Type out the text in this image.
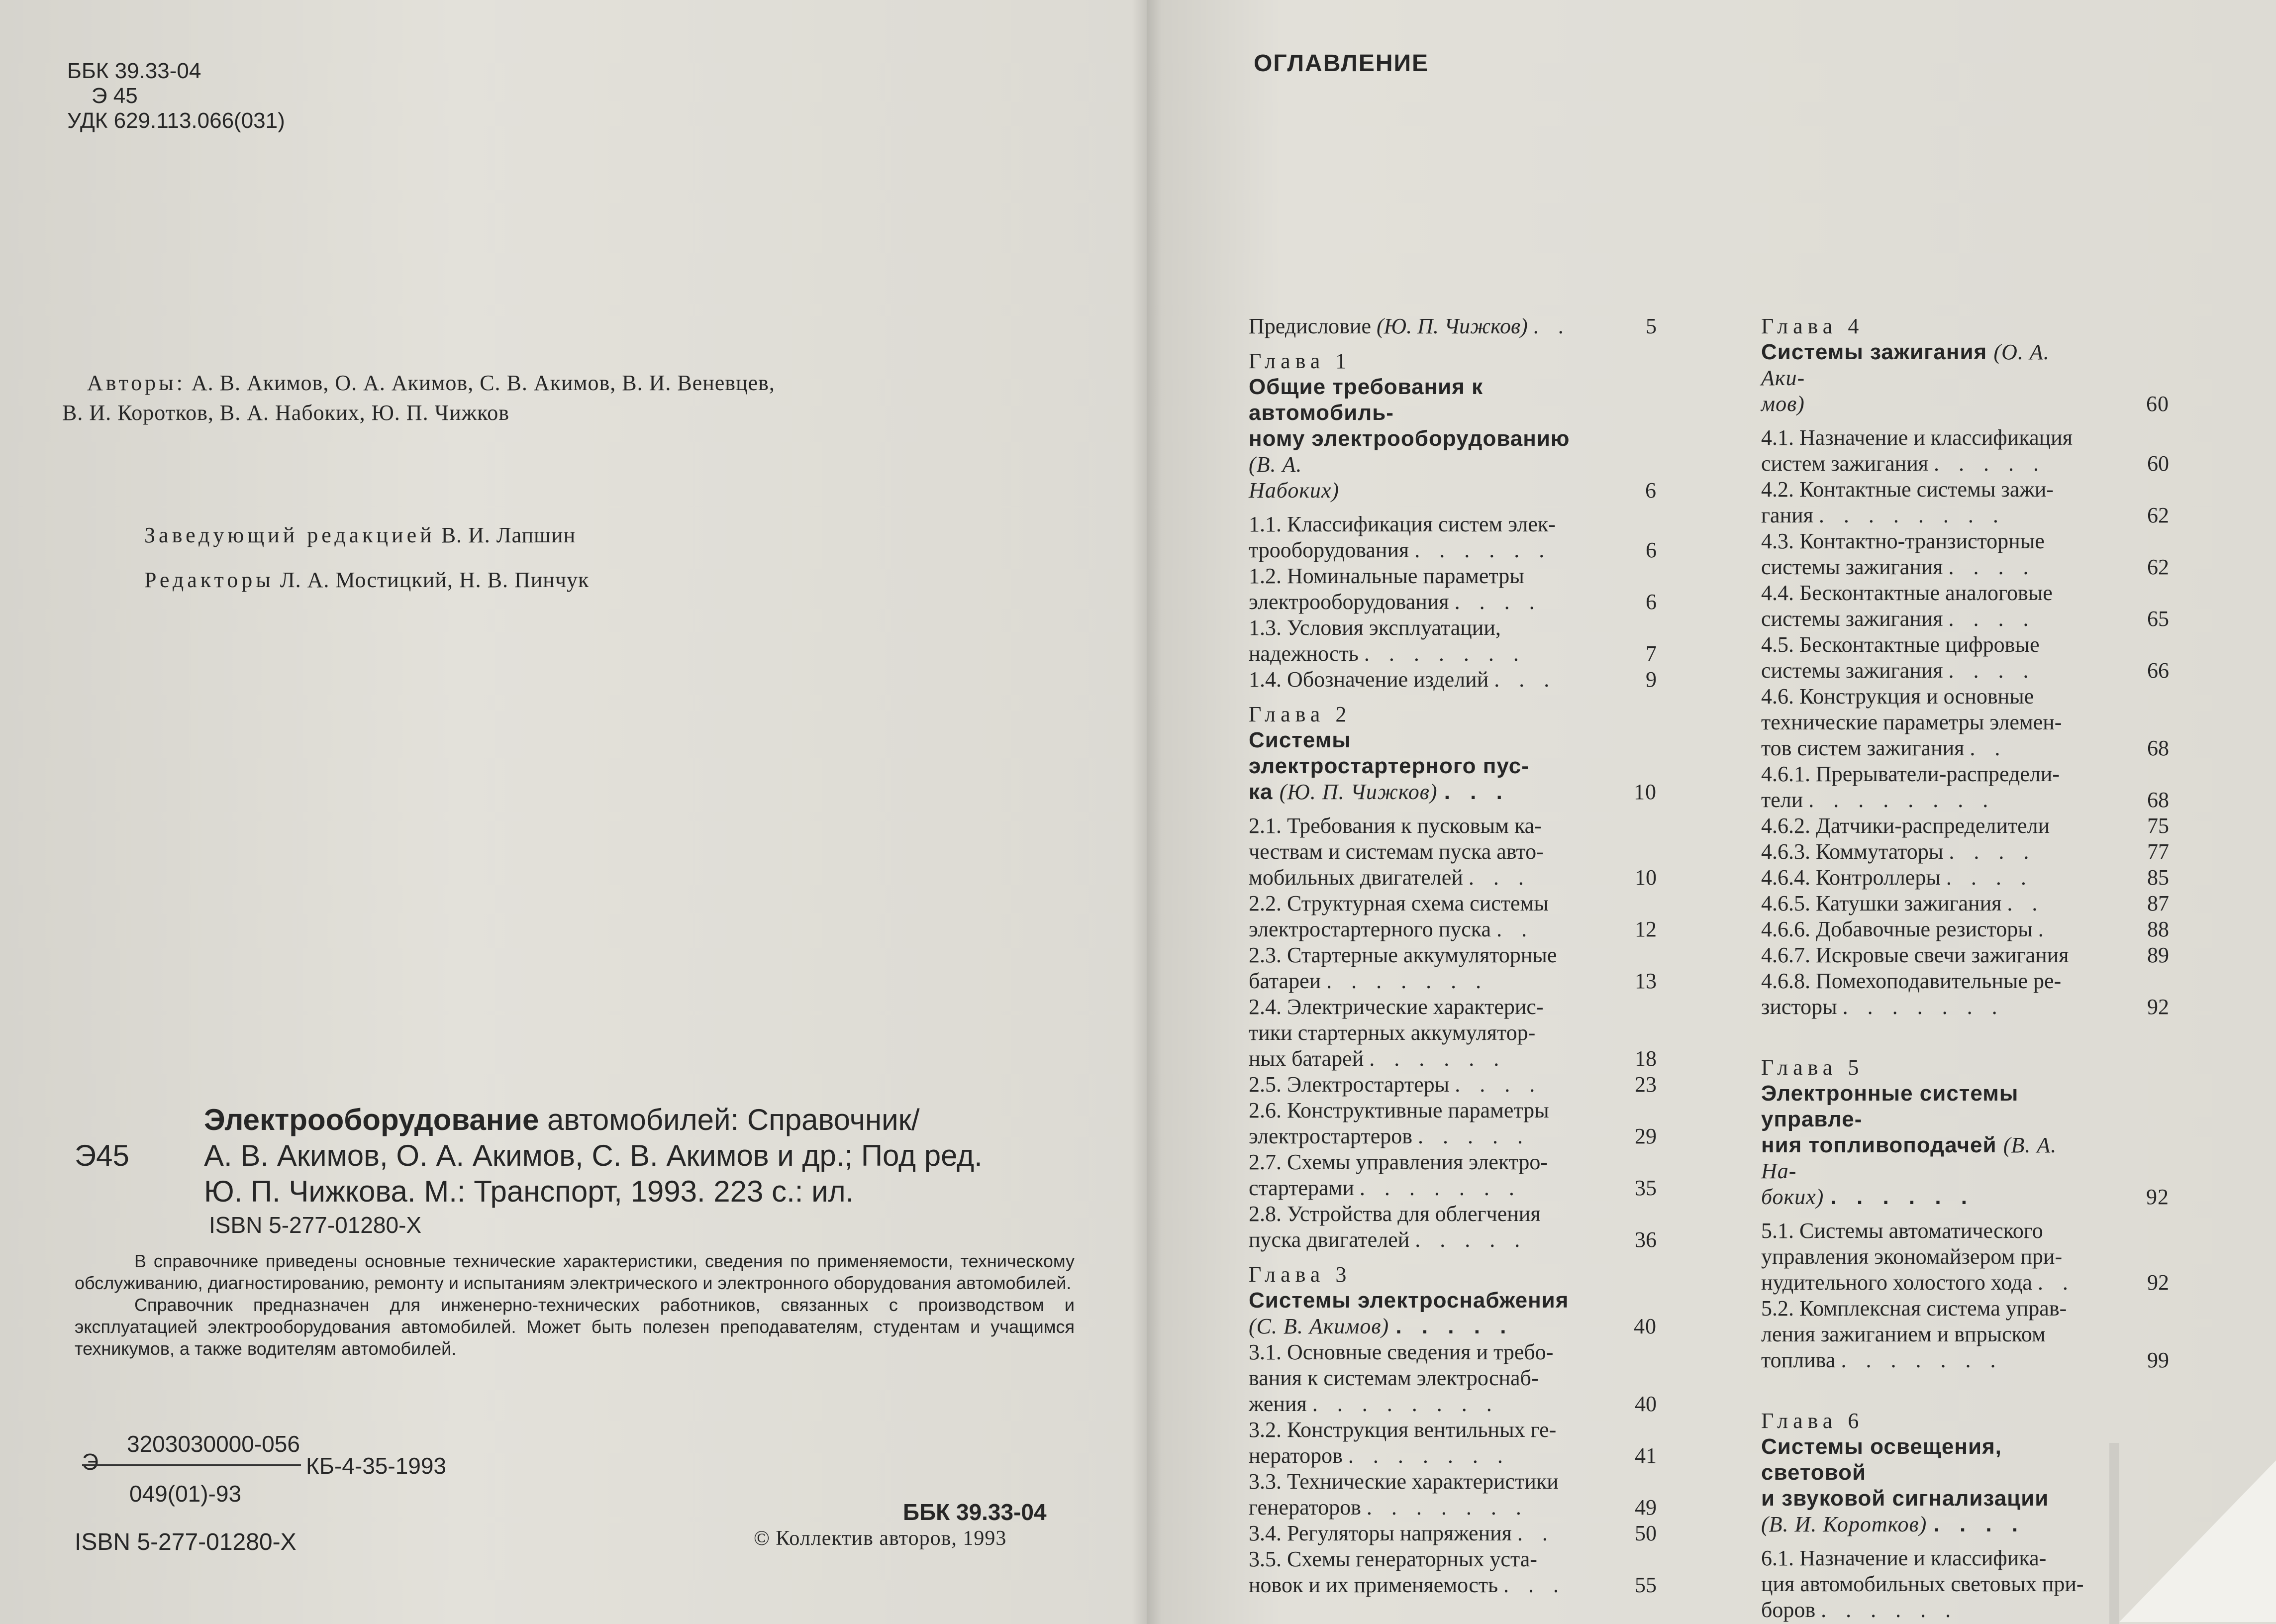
ББК 39.33-04
Э 45
УДК 629.113.066(031)
Авторы: А. В. Акимов, О. А. Акимов, С. В. Акимов, В. И. Веневцев,
В. И. Коротков, В. А. Набоких, Ю. П. Чижков
Заведующий редакцией В. И. Лапшин
Редакторы Л. А. Мостицкий, Н. В. Пинчук
Э45
Электрооборудование автомобилей: Справочник/
А. В. Акимов, О. А. Акимов, С. В. Акимов и др.; Под ред.
Ю. П. Чижкова. М.: Транспорт, 1993. 223 с.: ил.
ISBN 5-277-01280-X

В справочнике приведены основные технические характеристики, сведения по применяемости, техническому обслуживанию, диагностированию, ремонту и испытаниям электрического и электронного оборудования автомобилей.

Справочник предназначен для инженерно-технических работников, связанных с производством и эксплуатацией электрооборудования автомобилей. Может быть полезен преподавателям, студентам и учащимся техникумов, а также водителям автомобилей.

3203030000-056
Э	КБ-4-35-1993
049(01)-93
ISBN 5-277-01280-X
ББК 39.33-04
© Коллектив авторов, 1993
ОГЛАВЛЕНИЕ
Предисловие (Ю. П. Чижков) . .	5
Глава 1
Общие требования к автомобиль-
ному электрооборудованию (В. А.
Набоких)	6
1.1. Классификация систем элек-
трооборудования . . . . . .	6
1.2. Номинальные параметры
электрооборудования . . . .	6
1.3. Условия эксплуатации,
надежность . . . . . . .	7
1.4. Обозначение изделий . . .	9
Глава 2
Системы электростартерного пус-
ка (Ю. П. Чижков) . . .	10
2.1. Требования к пусковым ка-
чествам и системам пуска авто-
мобильных двигателей . . .	10
2.2. Структурная схема системы
электростартерного пуска . .	12
2.3. Стартерные аккумуляторные
батареи . . . . . . .	13
2.4. Электрические характерис-
тики стартерных аккумулятор-
ных батарей . . . . . .	18
2.5. Электростартеры . . . .	23
2.6. Конструктивные параметры
электростартеров . . . . .	29
2.7. Схемы управления электро-
стартерами . . . . . . .	35
2.8. Устройства для облегчения
пуска двигателей . . . . .	36
Глава 3
Системы электроснабжения
(С. В. Акимов) . . . . .	40
3.1. Основные сведения и требо-
вания к системам электроснаб-
жения . . . . . . . .	40
3.2. Конструкция вентильных ге-
нераторов . . . . . . .	41
3.3. Технические характеристики
генераторов . . . . . . .	49
3.4. Регуляторы напряжения . .	50
3.5. Схемы генераторных уста-
новок и их применяемость . . .	55
Глава 4
Системы зажигания (О. А. Аки-
мов)	60
4.1. Назначение и классификация
систем зажигания . . . . .	60
4.2. Контактные системы зажи-
гания . . . . . . . .	62
4.3. Контактно-транзисторные
системы зажигания . . . .	62
4.4. Бесконтактные аналоговые
системы зажигания . . . .	65
4.5. Бесконтактные цифровые
системы зажигания . . . .	66
4.6. Конструкция и основные
технические параметры элемен-
тов систем зажигания . .	68
4.6.1. Прерыватели-распредели-
тели . . . . . . . .	68
4.6.2. Датчики-распределители	75
4.6.3. Коммутаторы . . . .	77
4.6.4. Контроллеры . . . .	85
4.6.5. Катушки зажигания . .	87
4.6.6. Добавочные резисторы .	88
4.6.7. Искровые свечи зажигания	89
4.6.8. Помехоподавительные ре-
зисторы . . . . . . .	92
Глава 5
Электронные системы управле-
ния топливоподачей (В. А. На-
боких) . . . . . .	92
5.1. Системы автоматического
управления экономайзером при-
нудительного холостого хода . .	92
5.2. Комплексная система управ-
ления зажиганием и впрыском
топлива . . . . . . .	99
Глава 6
Системы освещения, световой
и звуковой сигнализации
(В. И. Коротков) . . . .
6.1. Назначение и классифика-
ция автомобильных световых при-
боров . . . . . .
